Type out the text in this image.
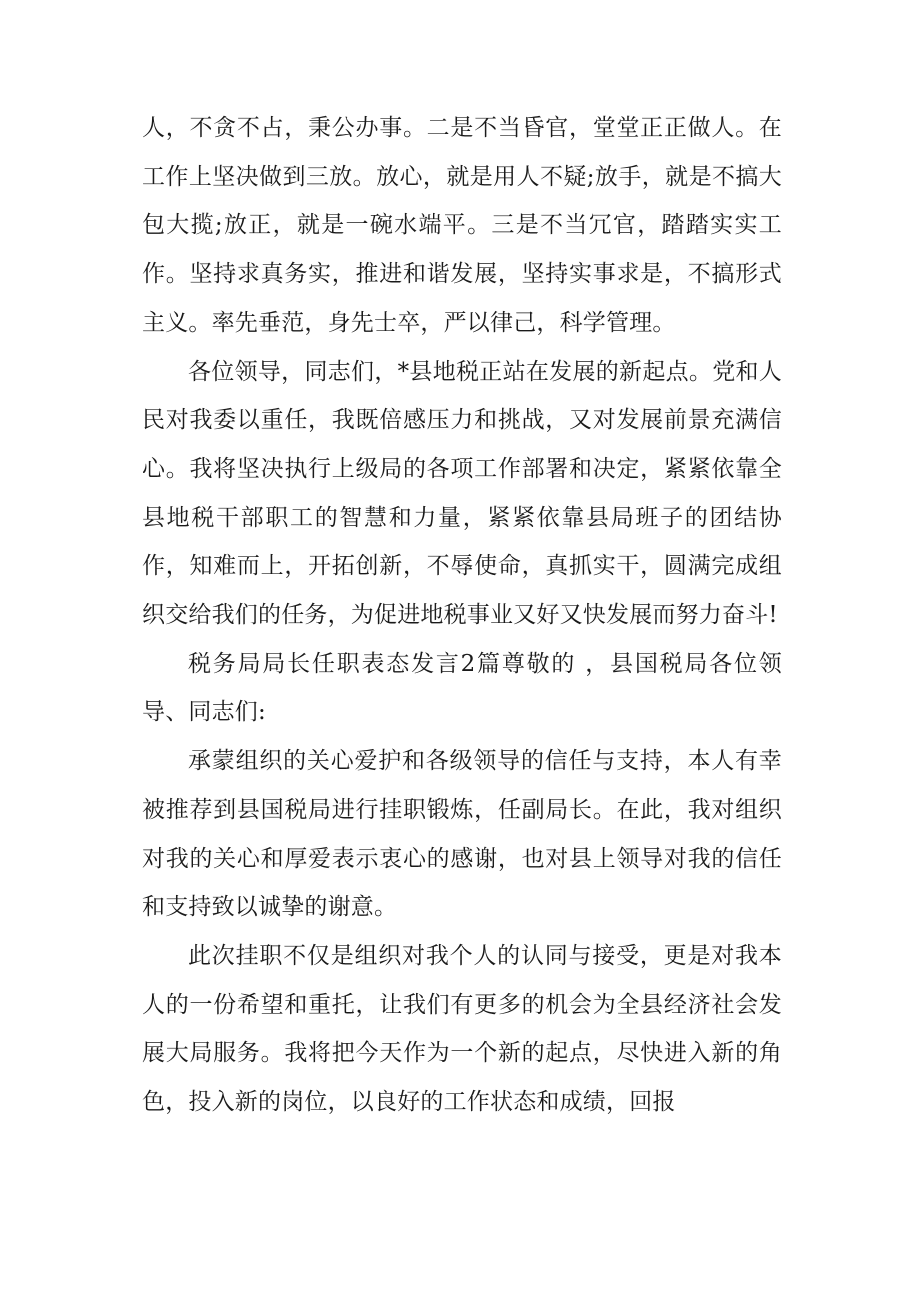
人，不贪不占，秉公办事。二是不当昏官，堂堂正正做人。在工作上坚决做到三放。放心，就是用人不疑;放手，就是不搞大包大揽;放正，就是一碗水端平。三是不当冗官，踏踏实实工作。坚持求真务实，推进和谐发展，坚持实事求是，不搞形式主义。率先垂范，身先士卒，严以律己，科学管理。

各位领导，同志们，*县地税正站在发展的新起点。党和人民对我委以重任，我既倍感压力和挑战，又对发展前景充满信心。我将坚决执行上级局的各项工作部署和决定，紧紧依靠全县地税干部职工的智慧和力量，紧紧依靠县局班子的团结协作，知难而上，开拓创新，不辱使命，真抓实干，圆满完成组织交给我们的任务，为促进地税事业又好又快发展而努力奋斗!

税务局局长任职表态发言2篇尊敬的 ，县国税局各位领导、同志们:

承蒙组织的关心爱护和各级领导的信任与支持，本人有幸被推荐到县国税局进行挂职锻炼，任副局长。在此，我对组织对我的关心和厚爱表示衷心的感谢，也对县上领导对我的信任和支持致以诚挚的谢意。

此次挂职不仅是组织对我个人的认同与接受，更是对我本人的一份希望和重托，让我们有更多的机会为全县经济社会发展大局服务。我将把今天作为一个新的起点，尽快进入新的角色，投入新的岗位，以良好的工作状态和成绩，回报
